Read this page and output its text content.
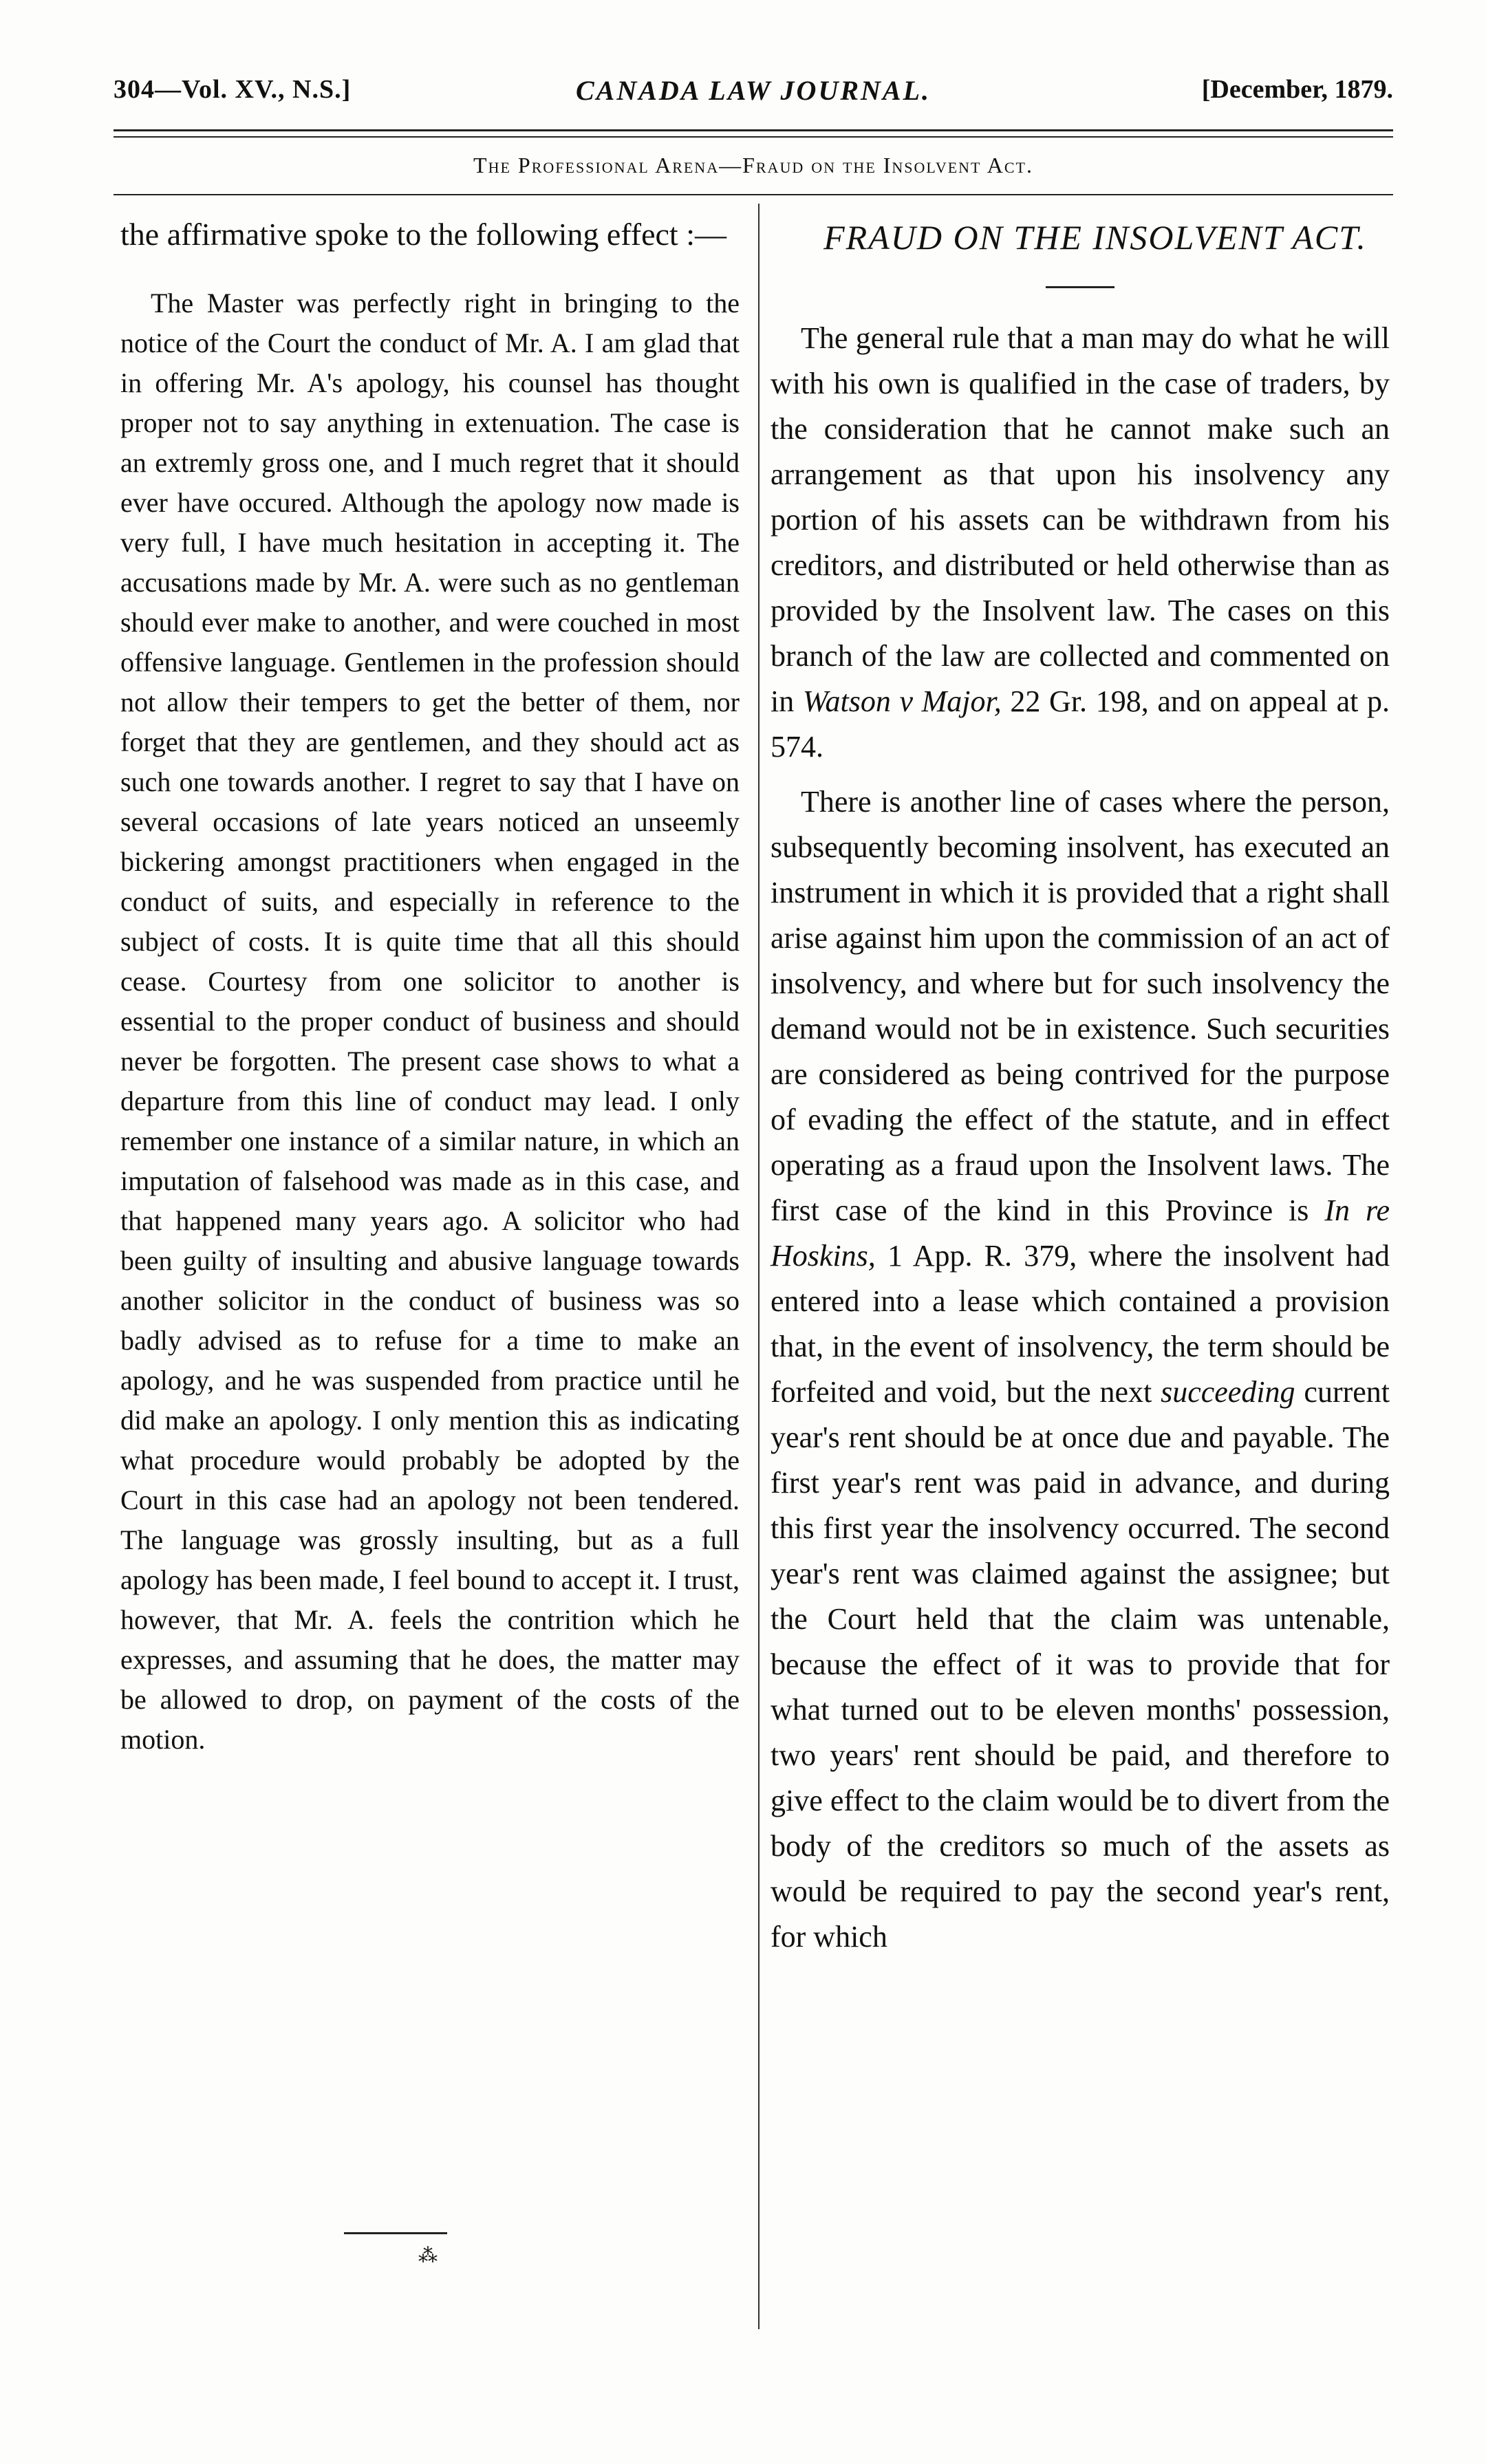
304—Vol. XV., N.S.]	CANADA LAW JOURNAL.	[December, 1879.
The Professional Arena—Fraud on the Insolvent Act.

the affirmative spoke to the following effect :—

The Master was perfectly right in bringing to the notice of the Court the conduct of Mr. A. I am glad that in offering Mr. A's apology, his counsel has thought proper not to say anything in extenuation. The case is an extremly gross one, and I much regret that it should ever have occured. Although the apology now made is very full, I have much hesitation in accepting it. The accusations made by Mr. A. were such as no gentleman should ever make to another, and were couched in most offensive language. Gentlemen in the profession should not allow their tempers to get the better of them, nor forget that they are gentlemen, and they should act as such one towards another. I regret to say that I have on several occasions of late years noticed an unseemly bickering amongst practitioners when engaged in the conduct of suits, and especially in reference to the subject of costs. It is quite time that all this should cease. Courtesy from one solicitor to another is essential to the proper conduct of business and should never be forgotten. The present case shows to what a departure from this line of conduct may lead. I only remember one instance of a similar nature, in which an imputation of falsehood was made as in this case, and that happened many years ago. A solicitor who had been guilty of insulting and abusive language towards another solicitor in the conduct of business was so badly advised as to refuse for a time to make an apology, and he was suspended from practice until he did make an apology. I only mention this as indicating what procedure would probably be adopted by the Court in this case had an apology not been tendered. The language was grossly insulting, but as a full apology has been made, I feel bound to accept it. I trust, however, that Mr. A. feels the contrition which he expresses, and assuming that he does, the matter may be allowed to drop, on payment of the costs of the motion.

⁂

FRAUD ON THE INSOLVENT ACT.

The general rule that a man may do what he will with his own is qualified in the case of traders, by the consideration that he cannot make such an arrangement as that upon his insolvency any portion of his assets can be withdrawn from his creditors, and distributed or held otherwise than as provided by the Insolvent law. The cases on this branch of the law are collected and commented on in Watson v Major, 22 Gr. 198, and on appeal at p. 574.

There is another line of cases where the person, subsequently becoming insolvent, has executed an instrument in which it is provided that a right shall arise against him upon the commission of an act of insolvency, and where but for such insolvency the demand would not be in existence. Such securities are considered as being contrived for the purpose of evading the effect of the statute, and in effect operating as a fraud upon the Insolvent laws. The first case of the kind in this Province is In re Hoskins, 1 App. R. 379, where the insolvent had entered into a lease which contained a provision that, in the event of insolvency, the term should be forfeited and void, but the next succeeding current year's rent should be at once due and payable. The first year's rent was paid in advance, and during this first year the insolvency occurred. The second year's rent was claimed against the assignee; but the Court held that the claim was untenable, because the effect of it was to provide that for what turned out to be eleven months' possession, two years' rent should be paid, and therefore to give effect to the claim would be to divert from the body of the creditors so much of the assets as would be required to pay the second year's rent, for which
